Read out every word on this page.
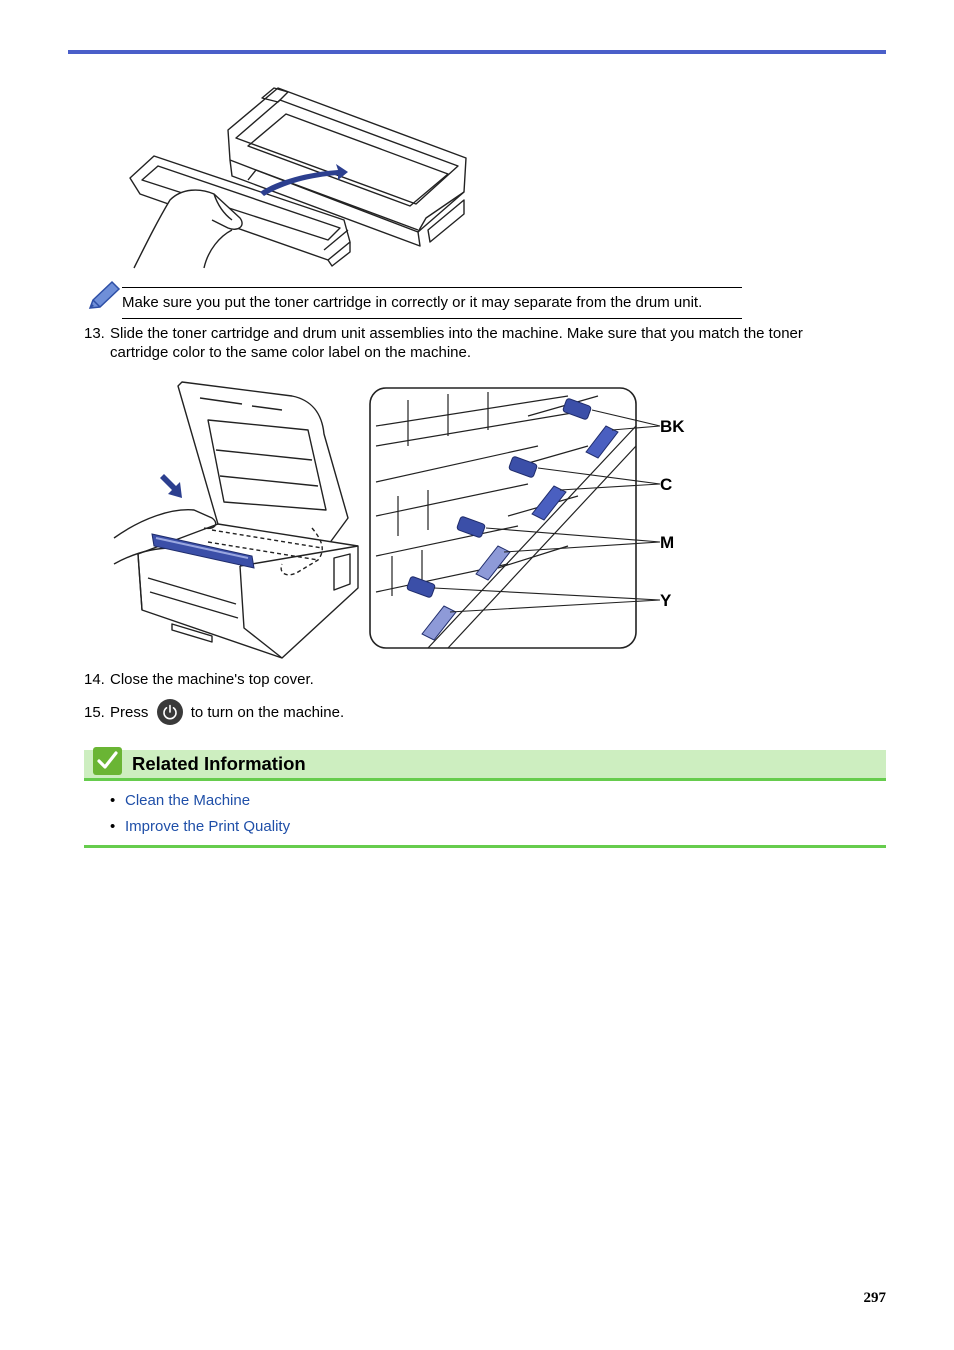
Make sure you put the toner cartridge in correctly or it may separate from the drum unit.
13. Slide the toner cartridge and drum unit assemblies into the machine. Make sure that you match the toner
cartridge color to the same color label on the machine.
BK
C
M
Y
14. Close the machine's top cover.
15. Press	to turn on the machine.
Related Information
• Clean the Machine
• Improve the Print Quality
297
